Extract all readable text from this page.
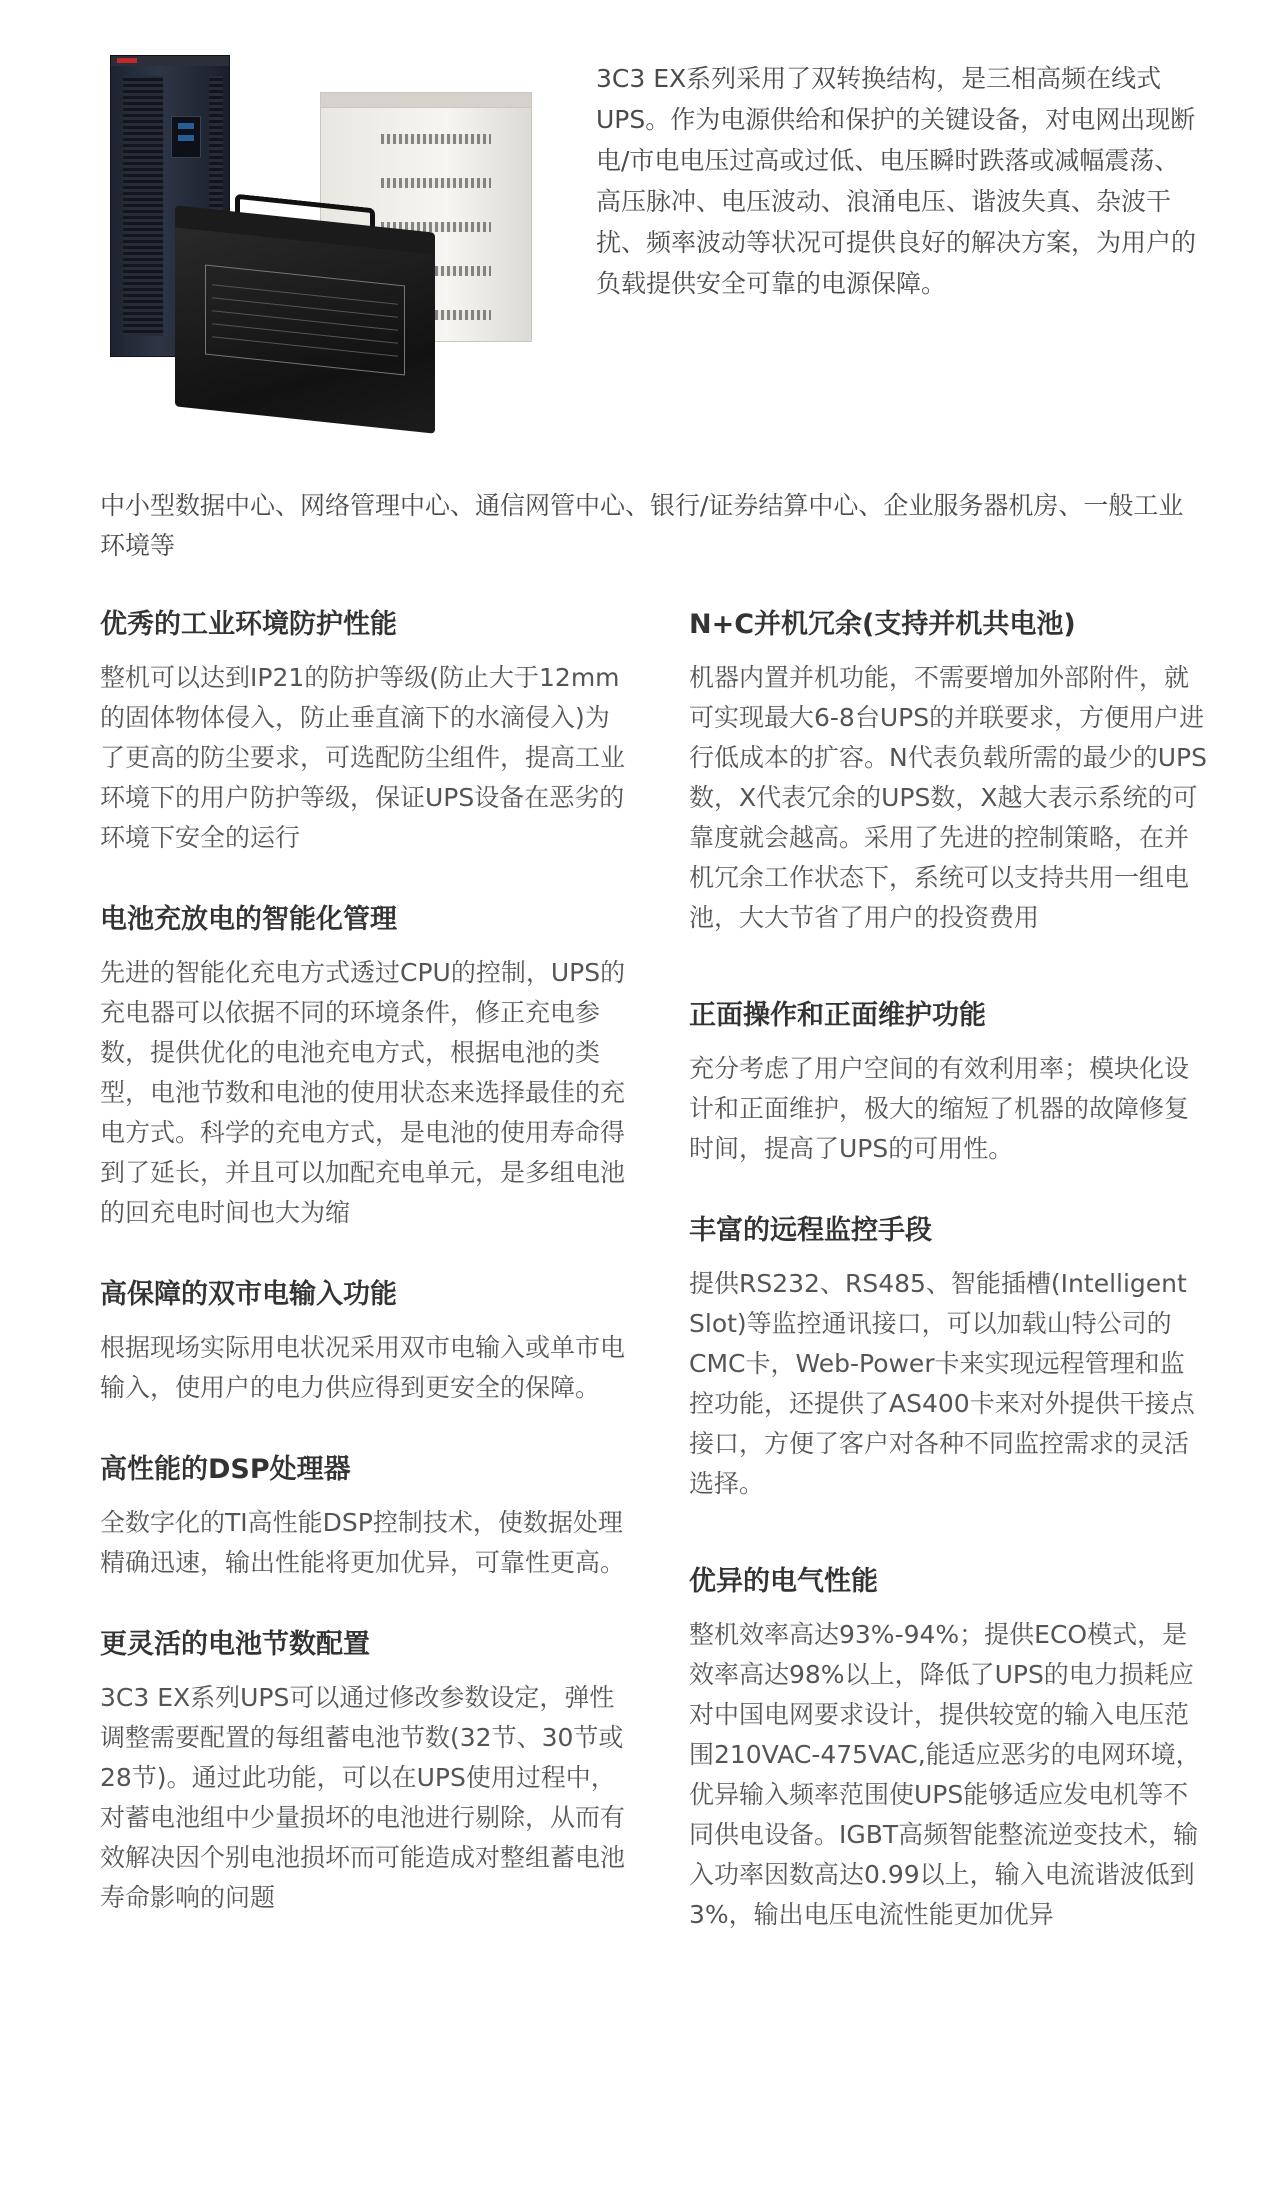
3C3 EX系列采用了双转换结构，是三相高频在线式UPS。作为电源供给和保护的关键设备，对电网出现断电/市电电压过高或过低、电压瞬时跌落或减幅震荡、高压脉冲、电压波动、浪涌电压、谐波失真、杂波干扰、频率波动等状况可提供良好的解决方案，为用户的负载提供安全可靠的电源保障。

中小型数据中心、网络管理中心、通信网管中心、银行/证券结算中心、企业服务器机房、一般工业环境等

优秀的工业环境防护性能

整机可以达到IP21的防护等级(防止大于12mm的固体物体侵入，防止垂直滴下的水滴侵入)为了更高的防尘要求，可选配防尘组件，提高工业环境下的用户防护等级，保证UPS设备在恶劣的环境下安全的运行

电池充放电的智能化管理

先进的智能化充电方式透过CPU的控制，UPS的充电器可以依据不同的环境条件，修正充电参数，提供优化的电池充电方式，根据电池的类型，电池节数和电池的使用状态来选择最佳的充电方式。科学的充电方式，是电池的使用寿命得到了延长，并且可以加配充电单元，是多组电池的回充电时间也大为缩

高保障的双市电输入功能

根据现场实际用电状况采用双市电输入或单市电输入，使用户的电力供应得到更安全的保障。

高性能的DSP处理器

全数字化的TI高性能DSP控制技术，使数据处理精确迅速，输出性能将更加优异，可靠性更高。

更灵活的电池节数配置

3C3 EX系列UPS可以通过修改参数设定，弹性调整需要配置的每组蓄电池节数(32节、30节或28节)。通过此功能，可以在UPS使用过程中，对蓄电池组中少量损坏的电池进行剔除，从而有效解决因个别电池损坏而可能造成对整组蓄电池寿命影响的问题

N+C并机冗余(支持并机共电池)

机器内置并机功能，不需要增加外部附件，就可实现最大6-8台UPS的并联要求，方便用户进行低成本的扩容。N代表负载所需的最少的UPS数，X代表冗余的UPS数，X越大表示系统的可靠度就会越高。采用了先进的控制策略，在并机冗余工作状态下，系统可以支持共用一组电池，大大节省了用户的投资费用

正面操作和正面维护功能

充分考虑了用户空间的有效利用率；模块化设计和正面维护，极大的缩短了机器的故障修复时间，提高了UPS的可用性。

丰富的远程监控手段

提供RS232、RS485、智能插槽(Intelligent Slot)等监控通讯接口，可以加载山特公司的CMC卡，Web-Power卡来实现远程管理和监控功能，还提供了AS400卡来对外提供干接点接口，方便了客户对各种不同监控需求的灵活选择。

优异的电气性能

整机效率高达93%-94%；提供ECO模式，是效率高达98%以上，降低了UPS的电力损耗应对中国电网要求设计，提供较宽的输入电压范围210VAC-475VAC,能适应恶劣的电网环境，优异输入频率范围使UPS能够适应发电机等不同供电设备。IGBT高频智能整流逆变技术，输入功率因数高达0.99以上，输入电流谐波低到3%，输出电压电流性能更加优异
